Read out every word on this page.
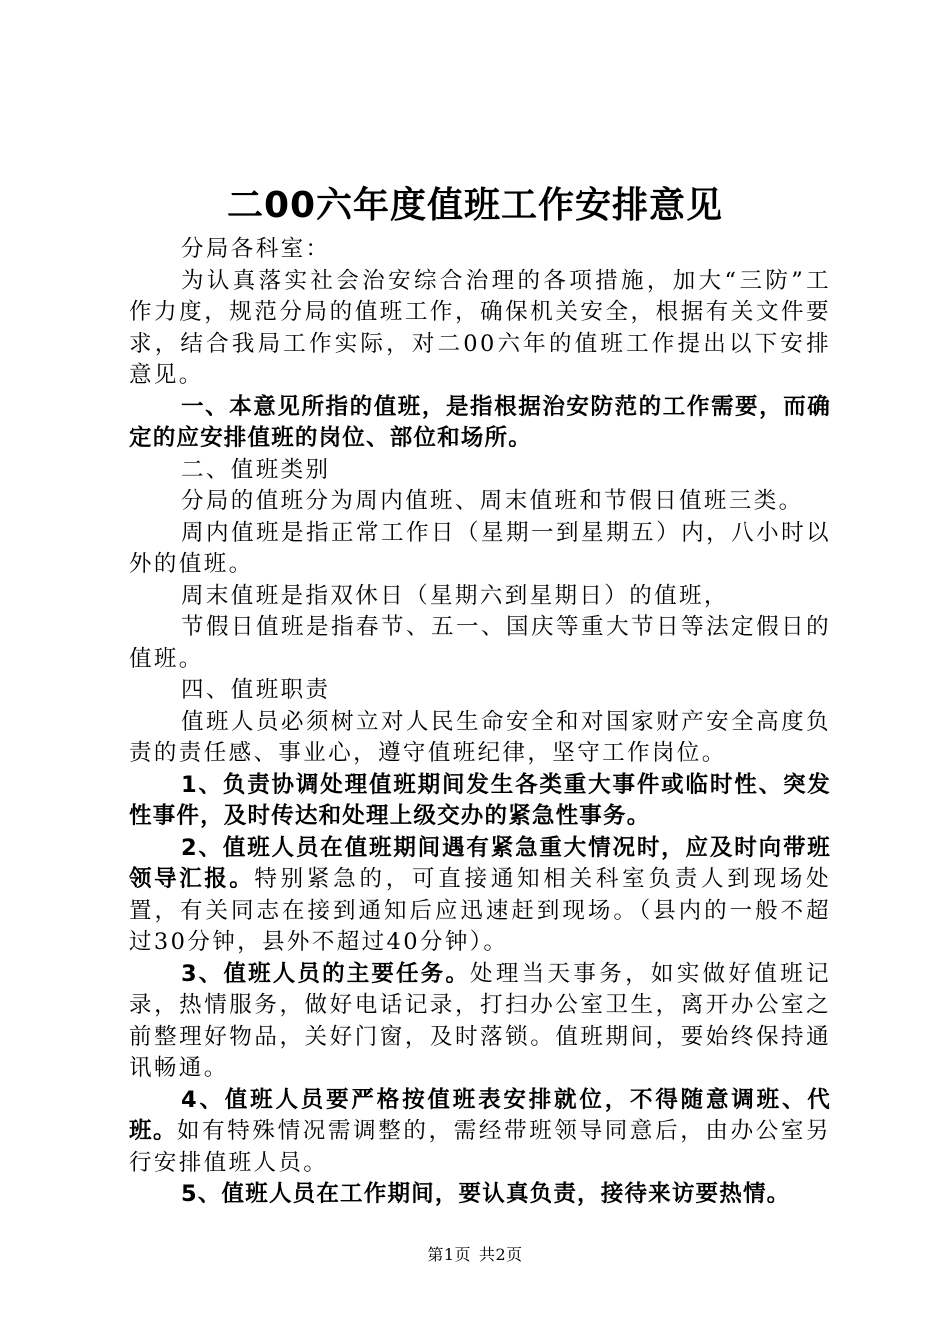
二00六年度值班工作安排意见

分局各科室：

为认真落实社会治安综合治理的各项措施，加大“三防”工作力度，规范分局的值班工作，确保机关安全，根据有关文件要求，结合我局工作实际，对二00六年的值班工作提出以下安排意见。

一、本意见所指的值班，是指根据治安防范的工作需要，而确定的应安排值班的岗位、部位和场所。

二、值班类别

分局的值班分为周内值班、周末值班和节假日值班三类。

周内值班是指正常工作日（星期一到星期五）内，八小时以外的值班。

周末值班是指双休日（星期六到星期日）的值班，

节假日值班是指春节、五一、国庆等重大节日等法定假日的值班。

四、值班职责

值班人员必须树立对人民生命安全和对国家财产安全高度负责的责任感、事业心，遵守值班纪律，坚守工作岗位。

1、负责协调处理值班期间发生各类重大事件或临时性、突发性事件，及时传达和处理上级交办的紧急性事务。

2、值班人员在值班期间遇有紧急重大情况时，应及时向带班领导汇报。特别紧急的，可直接通知相关科室负责人到现场处置，有关同志在接到通知后应迅速赶到现场。（县内的一般不超过30分钟，县外不超过40分钟）。

3、值班人员的主要任务。处理当天事务，如实做好值班记录，热情服务，做好电话记录，打扫办公室卫生，离开办公室之前整理好物品，关好门窗，及时落锁。值班期间，要始终保持通讯畅通。

4、值班人员要严格按值班表安排就位，不得随意调班、代班。如有特殊情况需调整的，需经带班领导同意后，由办公室另行安排值班人员。

5、值班人员在工作期间，要认真负责，接待来访要热情。

第1页 共2页
